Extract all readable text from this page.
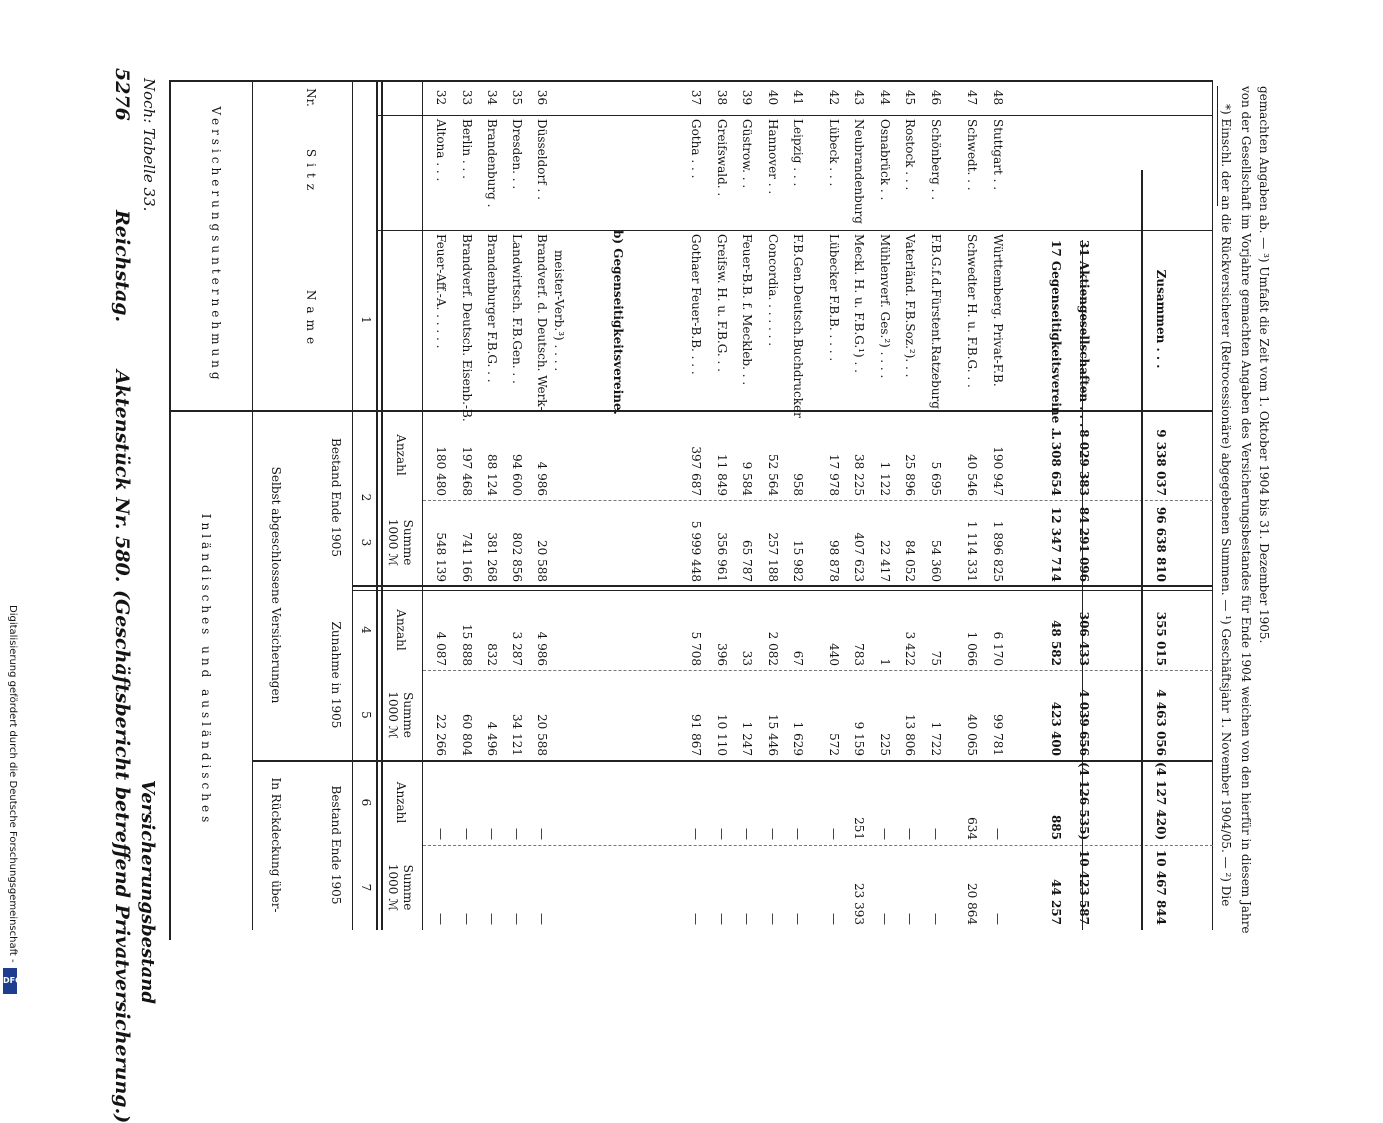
5276
Reichstag.
Aktenstück Nr. 580.
(Geschäftsbericht betreffend Privatversicherung.)
Noch: Tabelle 33.
Versicherungsbestand
Versicherungsunternehmung
Nr.
Sitz
Name
Inländisches und ausländisches	Selbst abgeschlossene Versicherungen
In Rückdeckung über-
Bestand Ende 1905
Zunahme in 1905
Bestand Ende 1905
Anzahl
Summe
1000 ℳ
Anzahl
Summe
1000 ℳ
Anzahl
Summe
1000 ℳ
1
2
3
4
5
6
7
32
Altona . . .
Feuer-Aff.-A. . . . . .
180 480
548 139
4 087
22 266
—
—
33
Berlin . . .
Brandverf. Deutsch. Eisenb.-B.
197 468
741 166
15 888
60 804
—
—
34
Brandenburg .
Brandenburger F.B.G. . .
88 124
381 268
832
4 496
—
—
35
Dresden. . .
Landwirtsch. F.B.Gen. . .
94 600
802 856
3 287
34 121
—
—
36
Düsseldorf . .
Brandverf. d. Deutsch. Werk-
4 986
20 588
4 986
20 588
—
—
meister-Verb.³) . . . .
37
Gotha . . .
Gothaer Feuer-B.B. . . .
397 687
5 999 448
5 708
91 867
—
—
38
Greifswald. .
Greifsw. H. u. F.B.G. . .
11 849
356 961
396
10 110
—
—
39
Güstrow. . .
Feuer-B.B. f. Meckleb. . .
9 584
65 787
33
1 247
—
—
40
Hannover . .
Concordia. . . . . . .
52 564
257 188
2 082
15 446
—
—
41
Leipzig . . .
F.B.Gen.Deutsch.Buchdrucker
958
15 982
67
1 629
—
—
42
Lübeck . . .
Lübecker F.B.B. . . . .
17 978
98 878
440
572
—
—
43
Neubrandenburg
Meckl. H. u. F.B.G.¹) . .
38 225
407 623
783
9 159
251
23 393
44
Osnabrück . .
Mühlenverf. Ges.²) . . . .
1 122
22 417
1
225
—
—
45
Rostock . . .
Vaterländ. F.B.Soz.²). . .
25 896
84 052
3 422
13 806
—
—
46
Schönberg . .
F.B.G.f.d.Fürstent.Ratzeburg
5 695
54 360
75
1 722
—
—
47
Schwedt. . .
Schwedter H. u. F.B.G. . .
40 546
1 114 331
1 066
40 065
634
20 864
48
Stuttgart . .
Württemberg. Privat-F.B.
190 947
1 896 825
6 170
99 781
—
—
17 Gegenseitigkeitsvereine . .
1 308 654
12 347 714
48 582
423 400
885
44 257
31 Aktiengesellschaften . . .
8 029 383
84 291 096
306 433
4 039 656
(4 126 535)
10 423 587
Zusammen . . .
9 338 037
96 638 810
355 015
4 463 056
(4 127 420)
10 467 844
b) Gegenseitigkeitsvereine.	*) Einschl. der an die Rückversicherer (Retrocessionäre) abgegebenen Summen. — ¹) Geschäftsjahr 1. November 1904/05. — ²) Die von der Gesellschaft im Vorjahre gemachten Angaben des Versicherungsbestandes für Ende 1904 weichen von den hierfür in diesem Jahre gemachten Angaben ab. — ³) Umfaßt die Zeit vom 1. Oktober 1904 bis 31. Dezember 1905.
Digitalisierung gefördert durch die Deutsche Forschungsgemeinschaft -
DFG
